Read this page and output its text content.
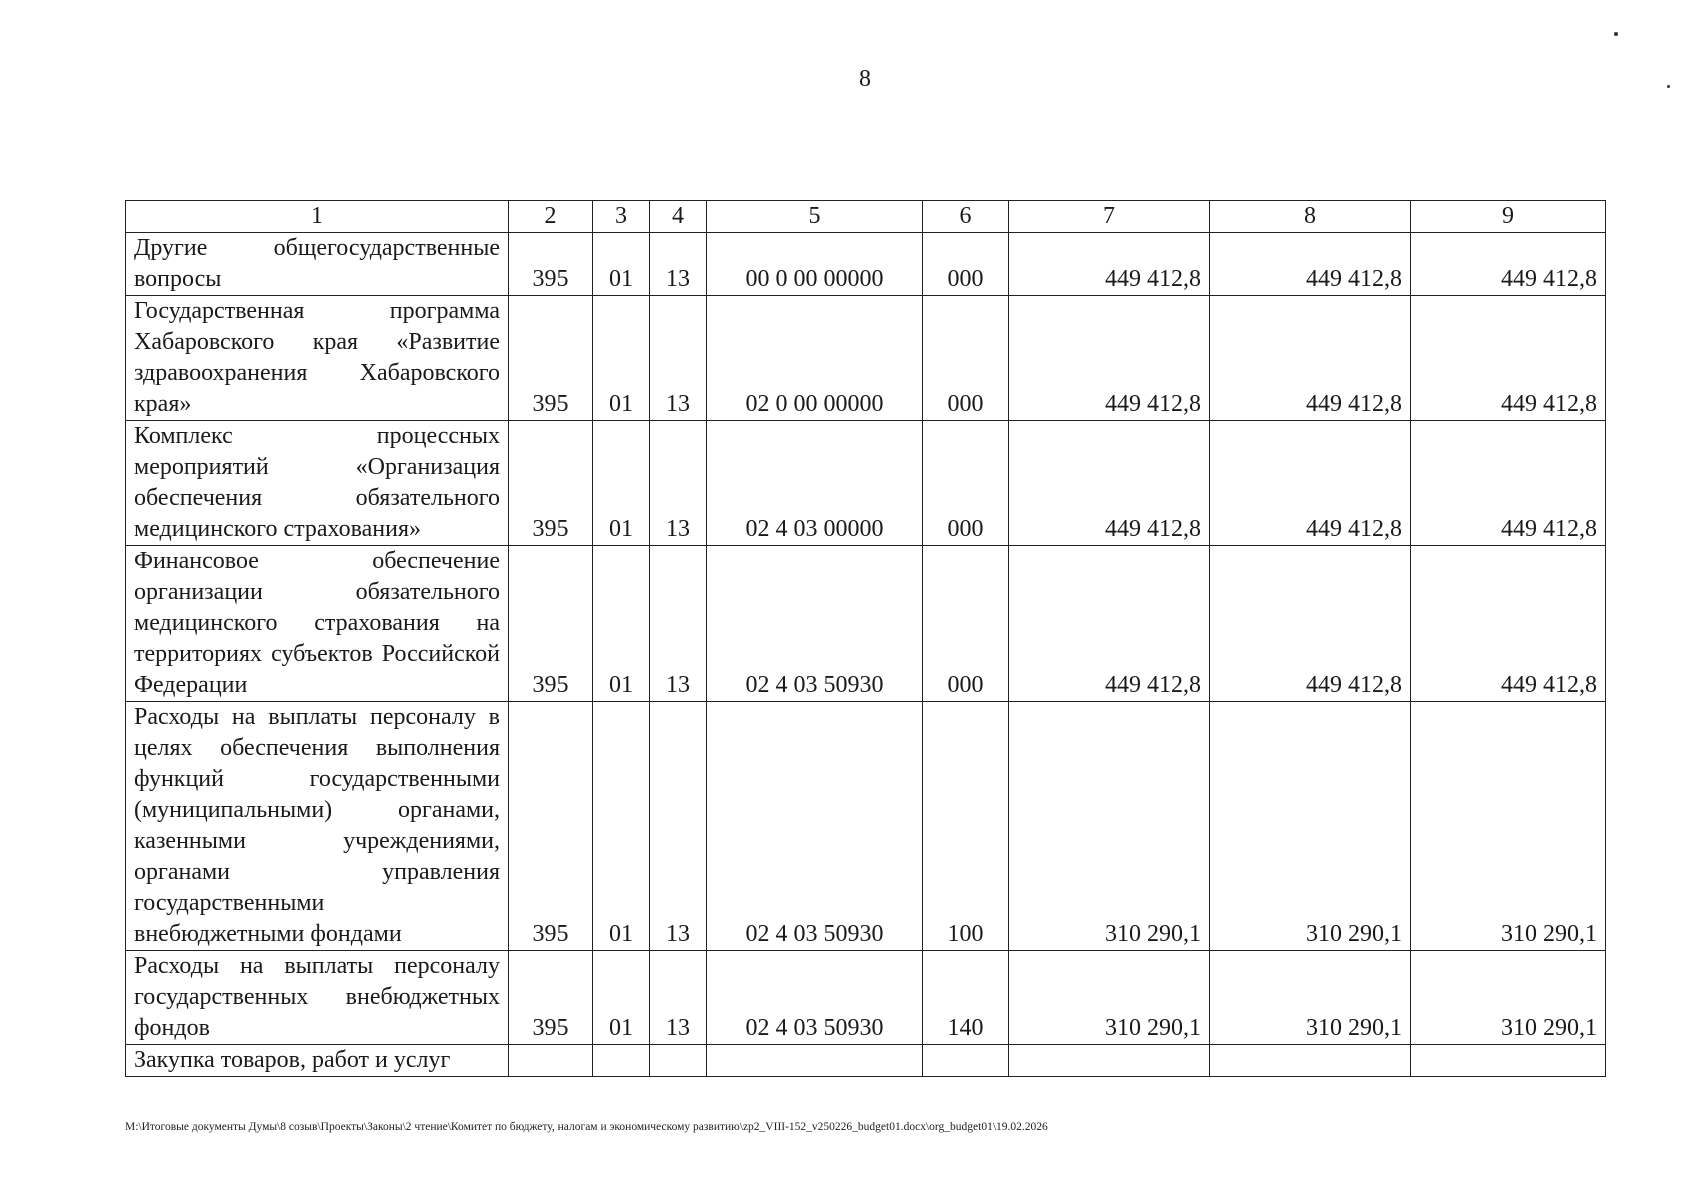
8
1	2	3	4	5	6	7	8	9
Другие общегосударственные вопросы	395	01	13	00 0 00 00000	000	449 412,8	449 412,8	449 412,8
Государственная программа Хабаровского края «Развитие здравоохранения Хабаровского края»	395	01	13	02 0 00 00000	000	449 412,8	449 412,8	449 412,8
Комплекс процессных мероприятий «Организация обеспечения обязательного медицинского страхования»	395	01	13	02 4 03 00000	000	449 412,8	449 412,8	449 412,8
Финансовое обеспечение организации обязательного медицинского страхования на территориях субъектов Российской Федерации	395	01	13	02 4 03 50930	000	449 412,8	449 412,8	449 412,8
Расходы на выплаты персоналу в целях обеспечения выполнения функций государственными (муниципальными) органами, казенными учреждениями, органами управления государственными внебюджетными фондами	395	01	13	02 4 03 50930	100	310 290,1	310 290,1	310 290,1
Расходы на выплаты персоналу государственных внебюджетных фондов	395	01	13	02 4 03 50930	140	310 290,1	310 290,1	310 290,1
Закупка товаров, работ и услуг								
M:\Итоговые документы Думы\8 созыв\Проекты\Законы\2 чтение\Комитет по бюджету, налогам и экономическому развитию\zp2_VIII-152_v250226_budget01.docx\org_budget01\19.02.2026
